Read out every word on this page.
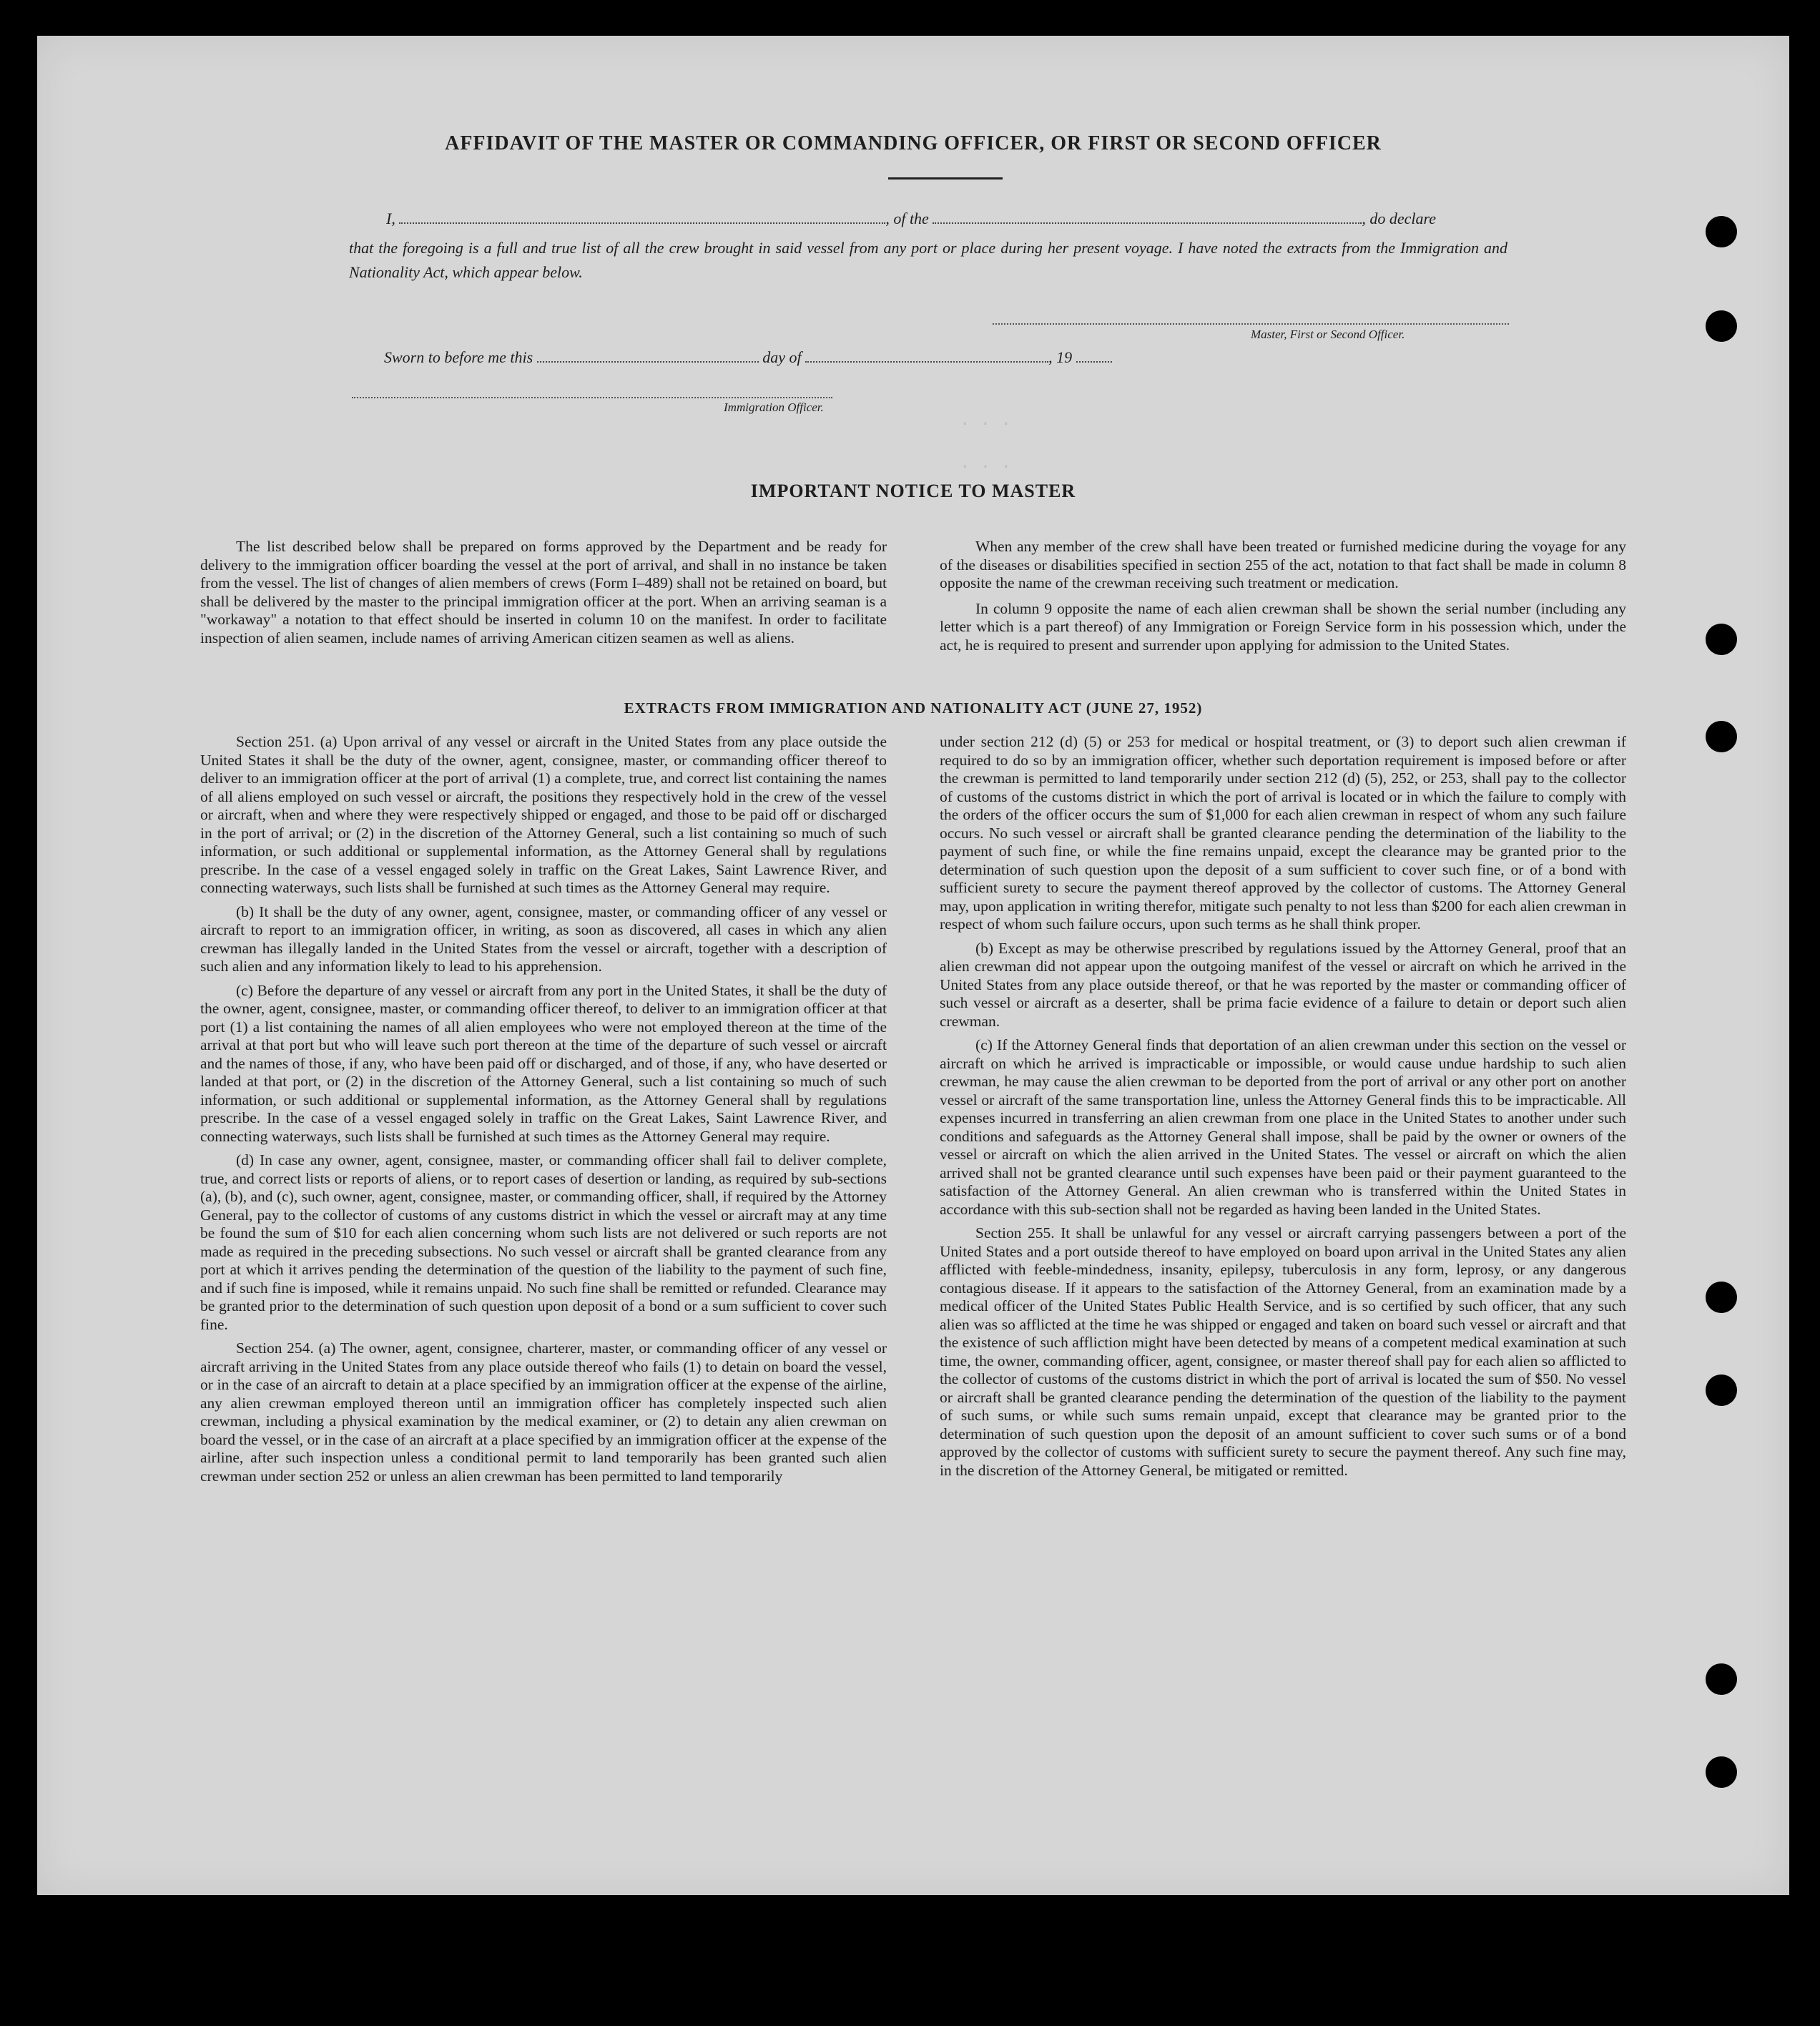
. . .
. . .
AFFIDAVIT OF THE MASTER OR COMMANDING OFFICER, OR FIRST OR SECOND OFFICER
I,	, of the	, do declare
that the foregoing is a full and true list of all the crew brought in said vessel from any port or place during her present voyage. I have noted the extracts from the Immigration and Nationality Act, which appear below.
Master, First or Second Officer.
Sworn to before me this	day of	, 19
Immigration Officer.
IMPORTANT NOTICE TO MASTER

The list described below shall be prepared on forms approved by the Department and be ready for delivery to the immigration officer boarding the vessel at the port of arrival, and shall in no instance be taken from the vessel. The list of changes of alien members of crews (Form I–489) shall not be retained on board, but shall be delivered by the master to the principal immigration officer at the port. When an arriving seaman is a "workaway" a notation to that effect should be inserted in column 10 on the manifest. In order to facilitate inspection of alien seamen, include names of arriving American citizen seamen as well as aliens.

When any member of the crew shall have been treated or furnished medicine during the voyage for any of the diseases or disabilities specified in section 255 of the act, notation to that fact shall be made in column 8 opposite the name of the crewman receiving such treatment or medication.

In column 9 opposite the name of each alien crewman shall be shown the serial number (including any letter which is a part thereof) of any Immigration or Foreign Service form in his possession which, under the act, he is required to present and surrender upon applying for admission to the United States.

EXTRACTS FROM IMMIGRATION AND NATIONALITY ACT (JUNE 27, 1952)

Section 251. (a) Upon arrival of any vessel or aircraft in the United States from any place outside the United States it shall be the duty of the owner, agent, consignee, master, or commanding officer thereof to deliver to an immigration officer at the port of arrival (1) a complete, true, and correct list containing the names of all aliens employed on such vessel or aircraft, the positions they respectively hold in the crew of the vessel or aircraft, when and where they were respectively shipped or engaged, and those to be paid off or discharged in the port of arrival; or (2) in the discretion of the Attorney General, such a list containing so much of such information, or such additional or supplemental information, as the Attorney General shall by regulations prescribe. In the case of a vessel engaged solely in traffic on the Great Lakes, Saint Lawrence River, and connecting waterways, such lists shall be furnished at such times as the Attorney General may require.

(b) It shall be the duty of any owner, agent, consignee, master, or commanding officer of any vessel or aircraft to report to an immigration officer, in writing, as soon as discovered, all cases in which any alien crewman has illegally landed in the United States from the vessel or aircraft, together with a description of such alien and any information likely to lead to his apprehension.

(c) Before the departure of any vessel or aircraft from any port in the United States, it shall be the duty of the owner, agent, consignee, master, or commanding officer thereof, to deliver to an immigration officer at that port (1) a list containing the names of all alien employees who were not employed thereon at the time of the arrival at that port but who will leave such port thereon at the time of the departure of such vessel or aircraft and the names of those, if any, who have been paid off or discharged, and of those, if any, who have deserted or landed at that port, or (2) in the discretion of the Attorney General, such a list containing so much of such information, or such additional or supplemental information, as the Attorney General shall by regulations prescribe. In the case of a vessel engaged solely in traffic on the Great Lakes, Saint Lawrence River, and connecting waterways, such lists shall be furnished at such times as the Attorney General may require.

(d) In case any owner, agent, consignee, master, or commanding officer shall fail to deliver complete, true, and correct lists or reports of aliens, or to report cases of desertion or landing, as required by sub-sections (a), (b), and (c), such owner, agent, consignee, master, or commanding officer, shall, if required by the Attorney General, pay to the collector of customs of any customs district in which the vessel or aircraft may at any time be found the sum of $10 for each alien concerning whom such lists are not delivered or such reports are not made as required in the preceding subsections. No such vessel or aircraft shall be granted clearance from any port at which it arrives pending the determination of the question of the liability to the payment of such fine, and if such fine is imposed, while it remains unpaid. No such fine shall be remitted or refunded. Clearance may be granted prior to the determination of such question upon deposit of a bond or a sum sufficient to cover such fine.

Section 254. (a) The owner, agent, consignee, charterer, master, or commanding officer of any vessel or aircraft arriving in the United States from any place outside thereof who fails (1) to detain on board the vessel, or in the case of an aircraft to detain at a place specified by an immigration officer at the expense of the airline, any alien crewman employed thereon until an immigration officer has completely inspected such alien crewman, including a physical examination by the medical examiner, or (2) to detain any alien crewman on board the vessel, or in the case of an aircraft at a place specified by an immigration officer at the expense of the airline, after such inspection unless a conditional permit to land temporarily has been granted such alien crewman under section 252 or unless an alien crewman has been permitted to land temporarily

under section 212 (d) (5) or 253 for medical or hospital treatment, or (3) to deport such alien crewman if required to do so by an immigration officer, whether such deportation requirement is imposed before or after the crewman is permitted to land temporarily under section 212 (d) (5), 252, or 253, shall pay to the collector of customs of the customs district in which the port of arrival is located or in which the failure to comply with the orders of the officer occurs the sum of $1,000 for each alien crewman in respect of whom any such failure occurs. No such vessel or aircraft shall be granted clearance pending the determination of the liability to the payment of such fine, or while the fine remains unpaid, except the clearance may be granted prior to the determination of such question upon the deposit of a sum sufficient to cover such fine, or of a bond with sufficient surety to secure the payment thereof approved by the collector of customs. The Attorney General may, upon application in writing therefor, mitigate such penalty to not less than $200 for each alien crewman in respect of whom such failure occurs, upon such terms as he shall think proper.

(b) Except as may be otherwise prescribed by regulations issued by the Attorney General, proof that an alien crewman did not appear upon the outgoing manifest of the vessel or aircraft on which he arrived in the United States from any place outside thereof, or that he was reported by the master or commanding officer of such vessel or aircraft as a deserter, shall be prima facie evidence of a failure to detain or deport such alien crewman.

(c) If the Attorney General finds that deportation of an alien crewman under this section on the vessel or aircraft on which he arrived is impracticable or impossible, or would cause undue hardship to such alien crewman, he may cause the alien crewman to be deported from the port of arrival or any other port on another vessel or aircraft of the same transportation line, unless the Attorney General finds this to be impracticable. All expenses incurred in transferring an alien crewman from one place in the United States to another under such conditions and safeguards as the Attorney General shall impose, shall be paid by the owner or owners of the vessel or aircraft on which the alien arrived in the United States. The vessel or aircraft on which the alien arrived shall not be granted clearance until such expenses have been paid or their payment guaranteed to the satisfaction of the Attorney General. An alien crewman who is transferred within the United States in accordance with this sub-section shall not be regarded as having been landed in the United States.

Section 255. It shall be unlawful for any vessel or aircraft carrying passengers between a port of the United States and a port outside thereof to have employed on board upon arrival in the United States any alien afflicted with feeble-mindedness, insanity, epilepsy, tuberculosis in any form, leprosy, or any dangerous contagious disease. If it appears to the satisfaction of the Attorney General, from an examination made by a medical officer of the United States Public Health Service, and is so certified by such officer, that any such alien was so afflicted at the time he was shipped or engaged and taken on board such vessel or aircraft and that the existence of such affliction might have been detected by means of a competent medical examination at such time, the owner, commanding officer, agent, consignee, or master thereof shall pay for each alien so afflicted to the collector of customs of the customs district in which the port of arrival is located the sum of $50. No vessel or aircraft shall be granted clearance pending the determination of the question of the liability to the payment of such sums, or while such sums remain unpaid, except that clearance may be granted prior to the determination of such question upon the deposit of an amount sufficient to cover such sums or of a bond approved by the collector of customs with sufficient surety to secure the payment thereof. Any such fine may, in the discretion of the Attorney General, be mitigated or remitted.
